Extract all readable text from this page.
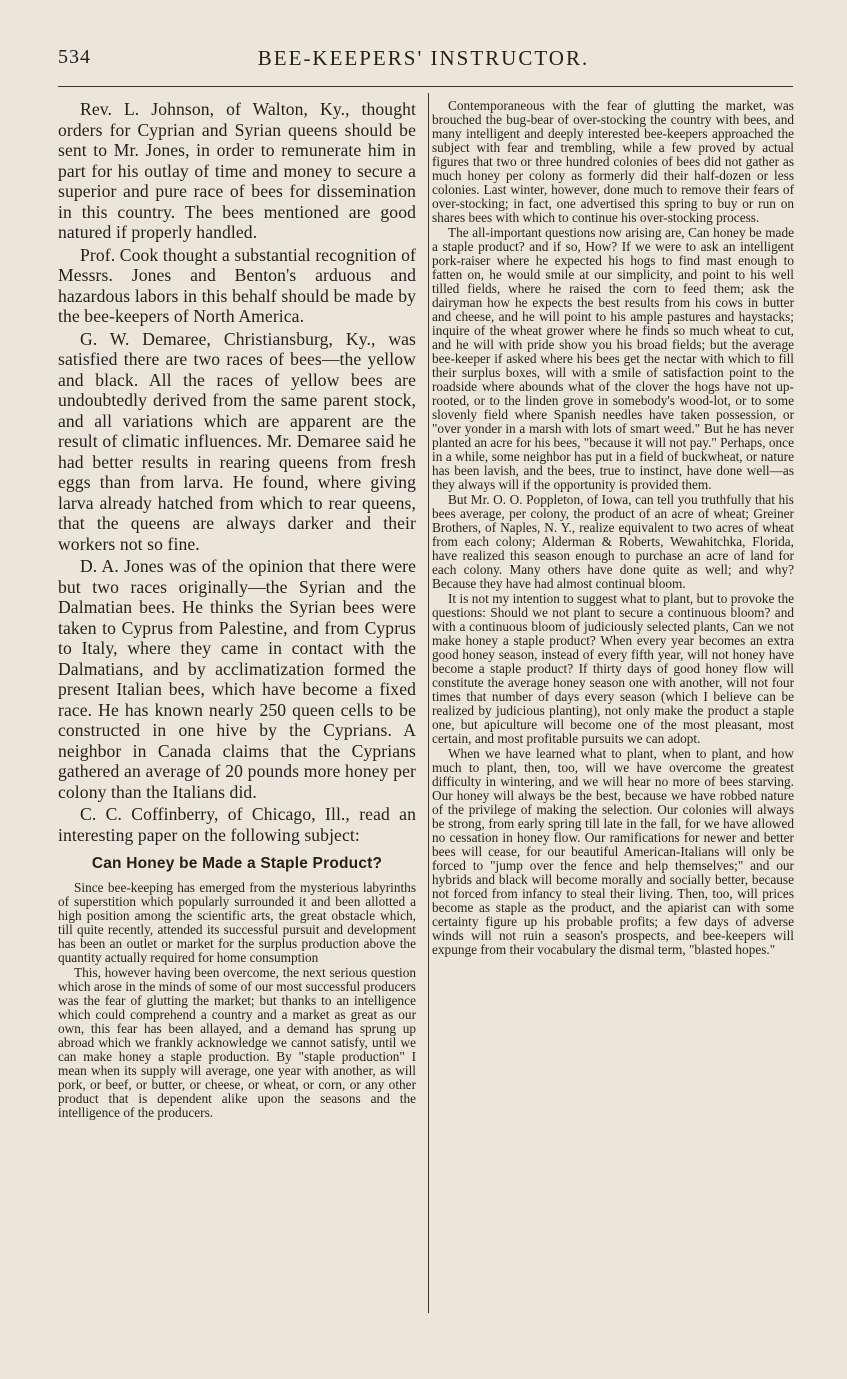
534	BEE-KEEPERS' INSTRUCTOR.

Rev. L. Johnson, of Walton, Ky., thought orders for Cyprian and Syrian queens should be sent to Mr. Jones, in order to remunerate him in part for his outlay of time and money to secure a superior and pure race of bees for dissemination in this country. The bees mentioned are good natured if properly handled.

Prof. Cook thought a substantial recognition of Messrs. Jones and Benton's arduous and hazardous labors in this behalf should be made by the bee-keepers of North America.

G. W. Demaree, Christiansburg, Ky., was satisfied there are two races of bees—the yellow and black. All the races of yellow bees are undoubtedly derived from the same parent stock, and all variations which are apparent are the result of climatic influences. Mr. Demaree said he had better results in rearing queens from fresh eggs than from larva. He found, where giving larva already hatched from which to rear queens, that the queens are always darker and their workers not so fine.

D. A. Jones was of the opinion that there were but two races originally—the Syrian and the Dalmatian bees. He thinks the Syrian bees were taken to Cyprus from Palestine, and from Cyprus to Italy, where they came in contact with the Dalmatians, and by acclimatization formed the present Italian bees, which have become a fixed race. He has known nearly 250 queen cells to be constructed in one hive by the Cyprians. A neighbor in Canada claims that the Cyprians gathered an average of 20 pounds more honey per colony than the Italians did.

C. C. Coffinberry, of Chicago, Ill., read an interesting paper on the following subject:

Can Honey be Made a Staple Product?

Since bee-keeping has emerged from the mysterious labyrinths of superstition which popularly surrounded it and been allotted a high position among the scientific arts, the great obstacle which, till quite recently, attended its successful pursuit and development has been an outlet or market for the surplus production above the quantity actually required for home consumption

This, however having been overcome, the next serious question which arose in the minds of some of our most successful producers was the fear of glutting the market; but thanks to an intelligence which could comprehend a country and a market as great as our own, this fear has been allayed, and a demand has sprung up abroad which we frankly acknowledge we cannot satisfy, until we can make honey a staple production. By "staple production" I mean when its supply will average, one year with another, as will pork, or beef, or butter, or cheese, or wheat, or corn, or any other product that is dependent alike upon the seasons and the intelligence of the producers.

Contemporaneous with the fear of glutting the market, was brouched the bug-bear of over-stocking the country with bees, and many intelligent and deeply interested bee-keepers approached the subject with fear and trembling, while a few proved by actual figures that two or three hundred colonies of bees did not gather as much honey per colony as formerly did their half-dozen or less colonies. Last winter, however, done much to remove their fears of over-stocking; in fact, one advertised this spring to buy or run on shares bees with which to continue his over-stocking process.

The all-important questions now arising are, Can honey be made a staple product? and if so, How? If we were to ask an intelligent pork-raiser where he expected his hogs to find mast enough to fatten on, he would smile at our simplicity, and point to his well tilled fields, where he raised the corn to feed them; ask the dairyman how he expects the best results from his cows in butter and cheese, and he will point to his ample pastures and haystacks; inquire of the wheat grower where he finds so much wheat to cut, and he will with pride show you his broad fields; but the average bee-keeper if asked where his bees get the nectar with which to fill their surplus boxes, will with a smile of satisfaction point to the roadside where abounds what of the clover the hogs have not up-rooted, or to the linden grove in somebody's wood-lot, or to some slovenly field where Spanish needles have taken possession, or "over yonder in a marsh with lots of smart weed." But he has never planted an acre for his bees, "because it will not pay." Perhaps, once in a while, some neighbor has put in a field of buckwheat, or nature has been lavish, and the bees, true to instinct, have done well—as they always will if the opportunity is provided them.

But Mr. O. O. Poppleton, of Iowa, can tell you truthfully that his bees average, per colony, the product of an acre of wheat; Greiner Brothers, of Naples, N. Y., realize equivalent to two acres of wheat from each colony; Alderman & Roberts, Wewahitchka, Florida, have realized this season enough to purchase an acre of land for each colony. Many others have done quite as well; and why? Because they have had almost continual bloom.

It is not my intention to suggest what to plant, but to provoke the questions: Should we not plant to secure a continuous bloom? and with a continuous bloom of judiciously selected plants, Can we not make honey a staple product? When every year becomes an extra good honey season, instead of every fifth year, will not honey have become a staple product? If thirty days of good honey flow will constitute the average honey season one with another, will not four times that number of days every season (which I believe can be realized by judicious planting), not only make the product a staple one, but apiculture will become one of the most pleasant, most certain, and most profitable pursuits we can adopt.

When we have learned what to plant, when to plant, and how much to plant, then, too, will we have overcome the greatest difficulty in wintering, and we will hear no more of bees starving. Our honey will always be the best, because we have robbed nature of the privilege of making the selection. Our colonies will always be strong, from early spring till late in the fall, for we have allowed no cessation in honey flow. Our ramifications for newer and better bees will cease, for our beautiful American-Italians will only be forced to "jump over the fence and help themselves;" and our hybrids and black will become morally and socially better, because not forced from infancy to steal their living. Then, too, will prices become as staple as the product, and the apiarist can with some certainty figure up his probable profits; a few days of adverse winds will not ruin a season's prospects, and bee-keepers will expunge from their vocabulary the dismal term, "blasted hopes."
